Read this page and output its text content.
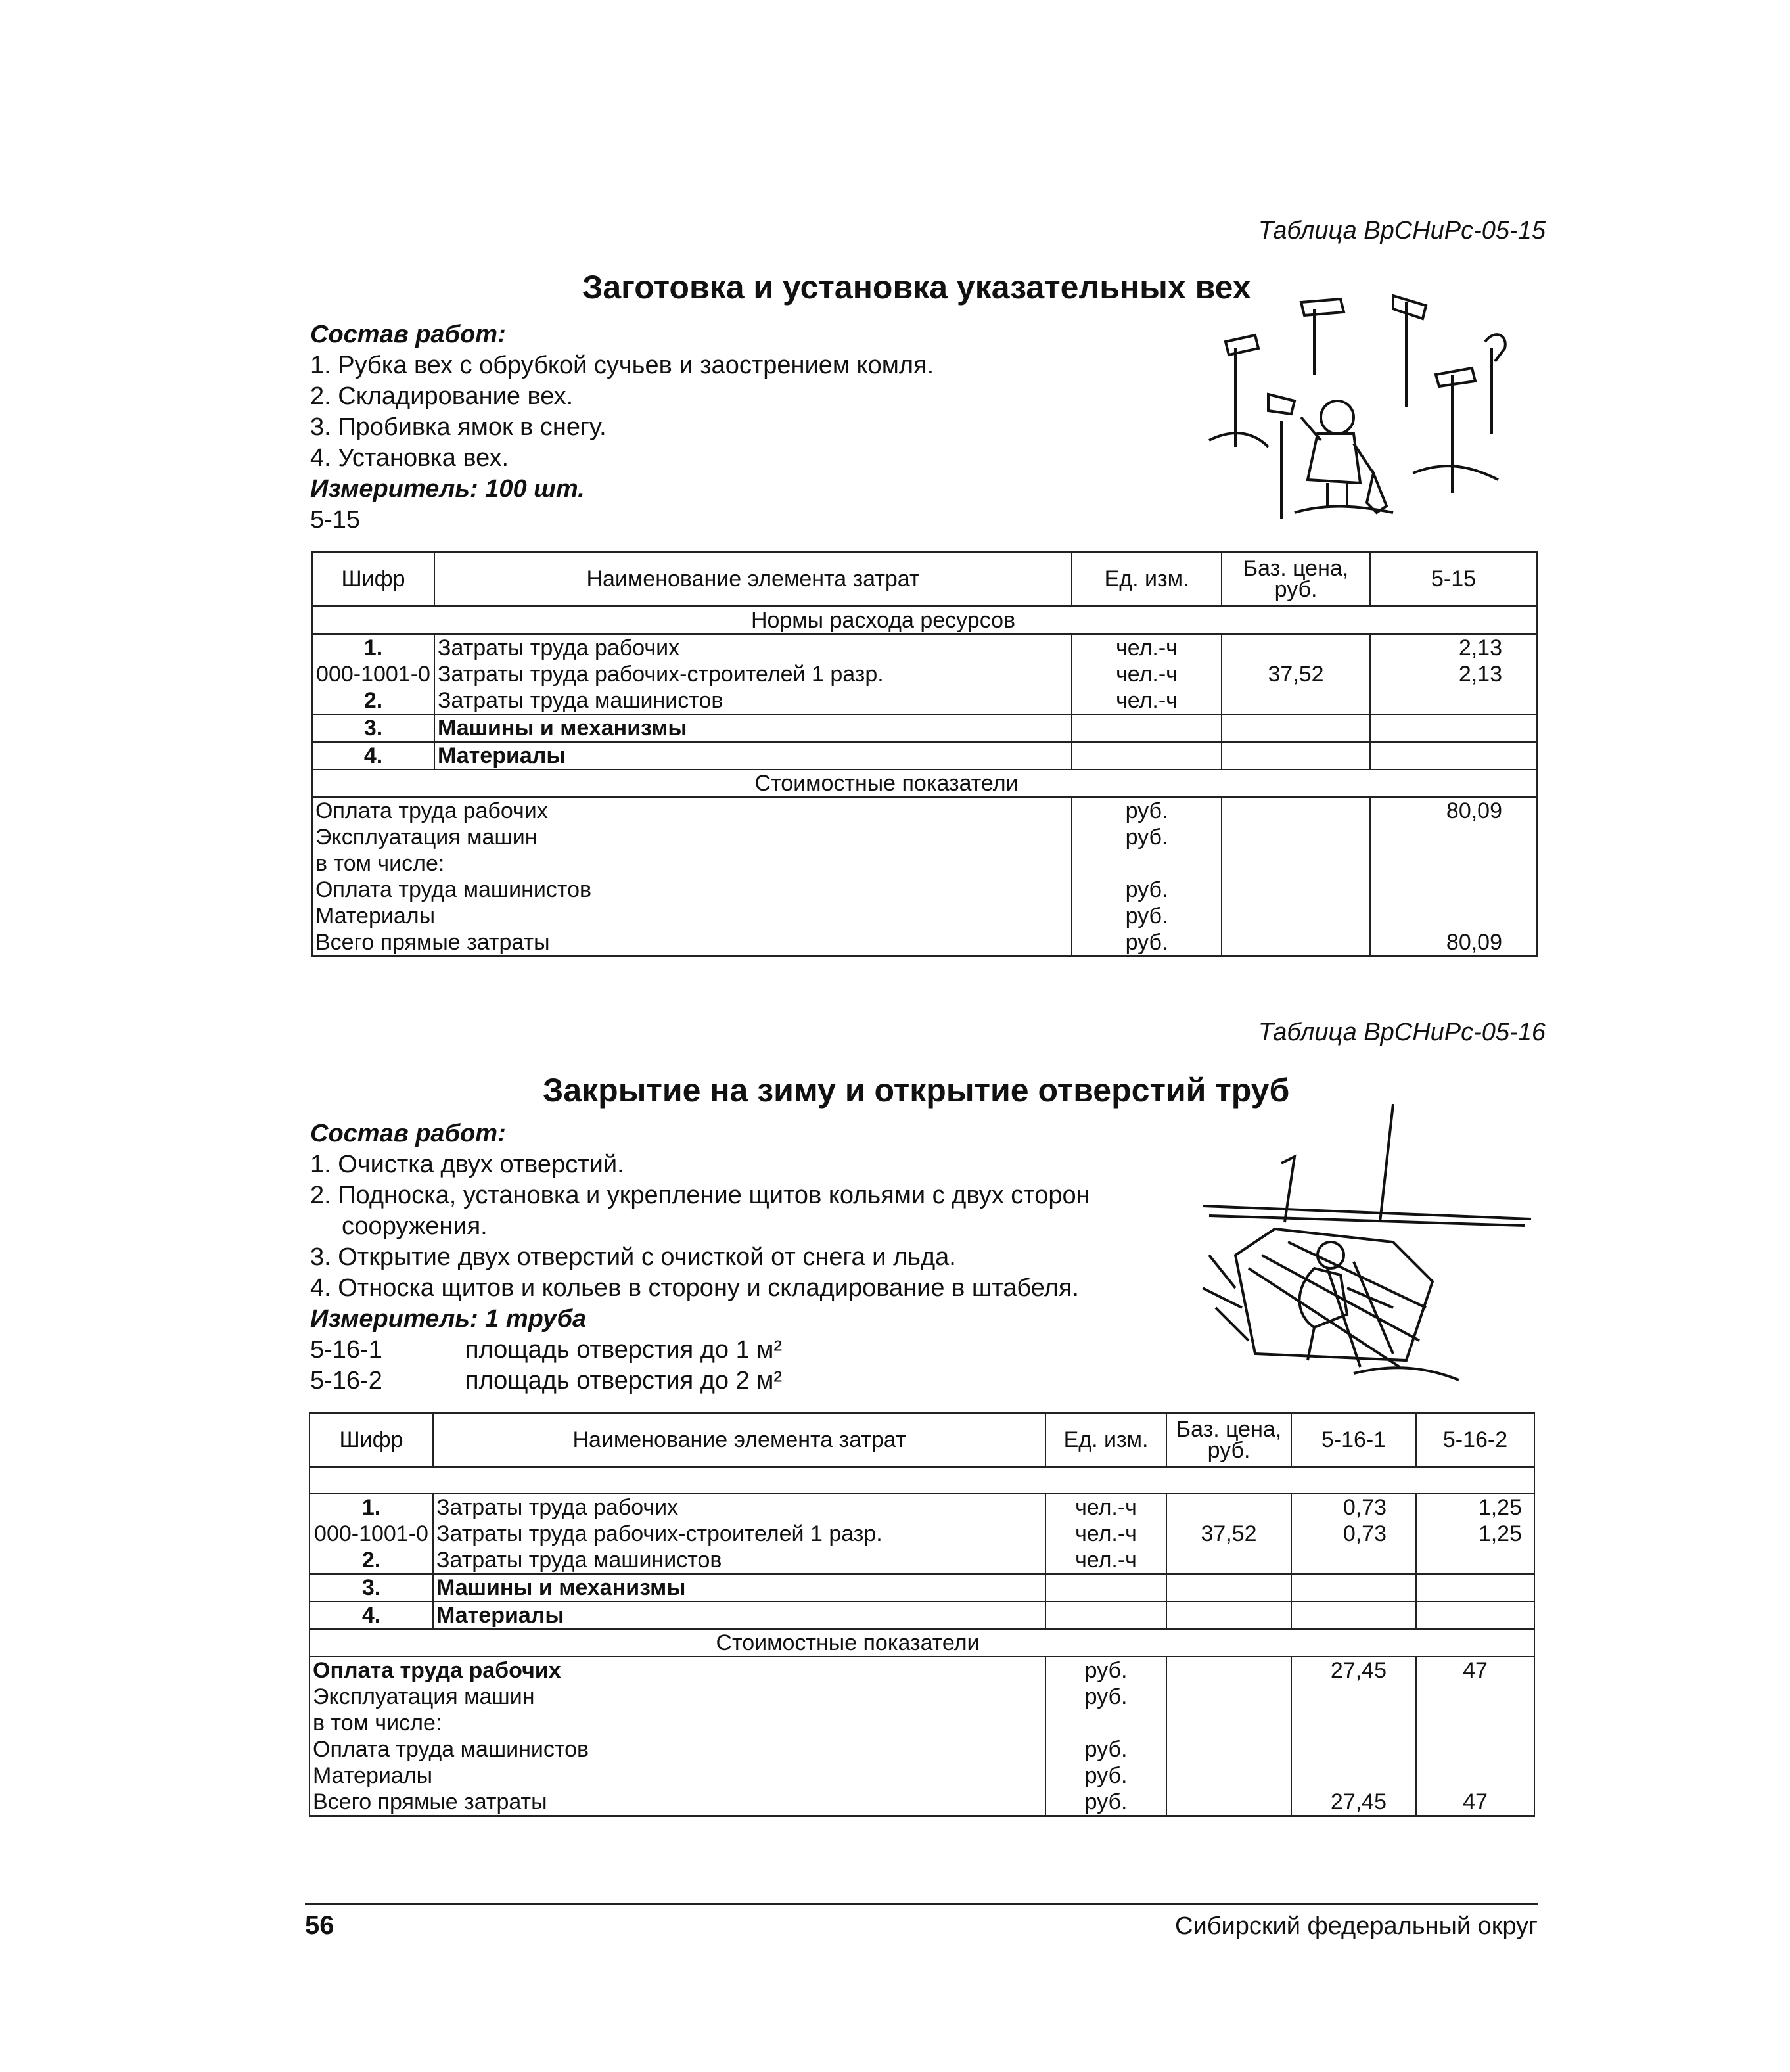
Таблица ВрСНиРс-05-15
Заготовка и установка указательных вех
Состав работ:
1. Рубка вех с обрубкой сучьев и заострением комля.
2. Складирование вех.
3. Пробивка ямок в снегу.
4. Установка вех.
Измеритель: 100 шт.
5-15
Шифр	Наименование элемента затрат	Ед. изм.	Баз. цена, руб.	5-15
Нормы расхода ресурсов				
1.	Затраты труда рабочих	чел.-ч		2,13
000-1001-0	Затраты труда рабочих-строителей 1 разр.	чел.-ч	37,52	2,13
2.	Затраты труда машинистов	чел.-ч		
3.	Машины и механизмы			
4.	Материалы			
Стоимостные показатели				
Оплата труда рабочих		руб.		80,09
Эксплуатация машин		руб.		
в том числе:				
Оплата труда машинистов		руб.		
Материалы		руб.		
Всего прямые затраты		руб.		80,09
Таблица ВрСНиРс-05-16
Закрытие на зиму и открытие отверстий труб
Состав работ:
1. Очистка двух отверстий.
2. Подноска, установка и укрепление щитов кольями с двух сторон
сооружения.
3. Открытие двух отверстий с очисткой от снега и льда.
4. Относка щитов и кольев в сторону и складирование в штабеля.
Измеритель: 1 труба
5-16-1	площадь отверстия до 1 м²
5-16-2	площадь отверстия до 2 м²
Шифр	Наименование элемента затрат	Ед. изм.	Баз. цена, руб.	5-16-1	5-16-2

1.	Затраты труда рабочих	чел.-ч		0,73	1,25
000-1001-0	Затраты труда рабочих-строителей 1 разр.	чел.-ч	37,52	0,73	1,25
2.	Затраты труда машинистов	чел.-ч			
3.	Машины и механизмы				
4.	Материалы				
Стоимостные показатели					
Оплата труда рабочих		руб.		27,45	47
Эксплуатация машин		руб.			
в том числе:					
Оплата труда машинистов		руб.			
Материалы		руб.			
Всего прямые затраты		руб.		27,45	47
56	Сибирский федеральный округ
